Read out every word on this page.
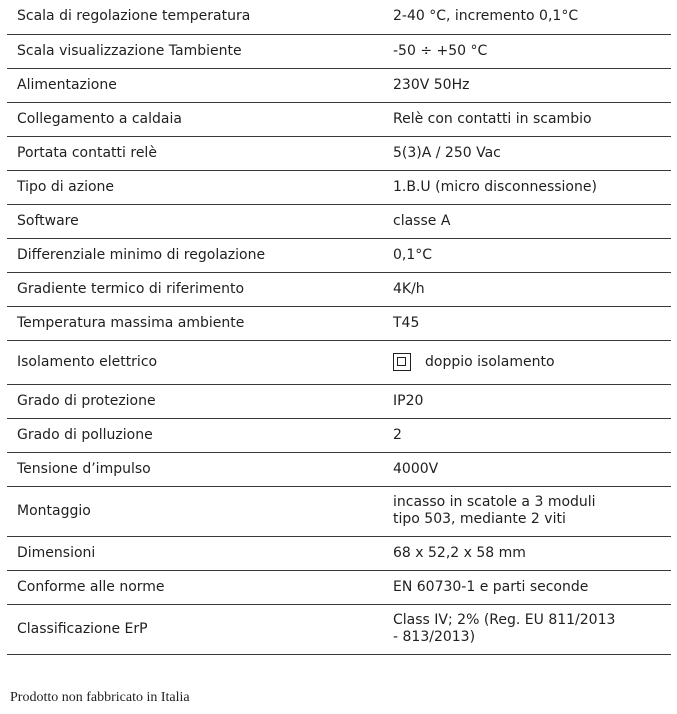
Scala di regolazione temperatura	2-40 °C, incremento 0,1°C
Scala visualizzazione Tambiente	-50 ÷ +50 °C
Alimentazione	230V 50Hz
Collegamento a caldaia	Relè con contatti in scambio
Portata contatti relè	5(3)A / 250 Vac
Tipo di azione	1.B.U (micro disconnessione)
Software	classe A
Differenziale minimo di regolazione	0,1°C
Gradiente termico di riferimento	4K/h
Temperatura massima ambiente	T45
Isolamento elettrico	doppio isolamento
Grado di protezione	IP20
Grado di polluzione	2
Tensione d’impulso	4000V
Montaggio	incasso in scatole a 3 moduli
tipo 503, mediante 2 viti

Dimensioni	68 x 52,2 x 58 mm
Conforme alle norme	EN 60730-1 e parti seconde
Classificazione ErP	Class IV; 2% (Reg. EU 811/2013
- 813/2013)
Prodotto non fabbricato in Italia
